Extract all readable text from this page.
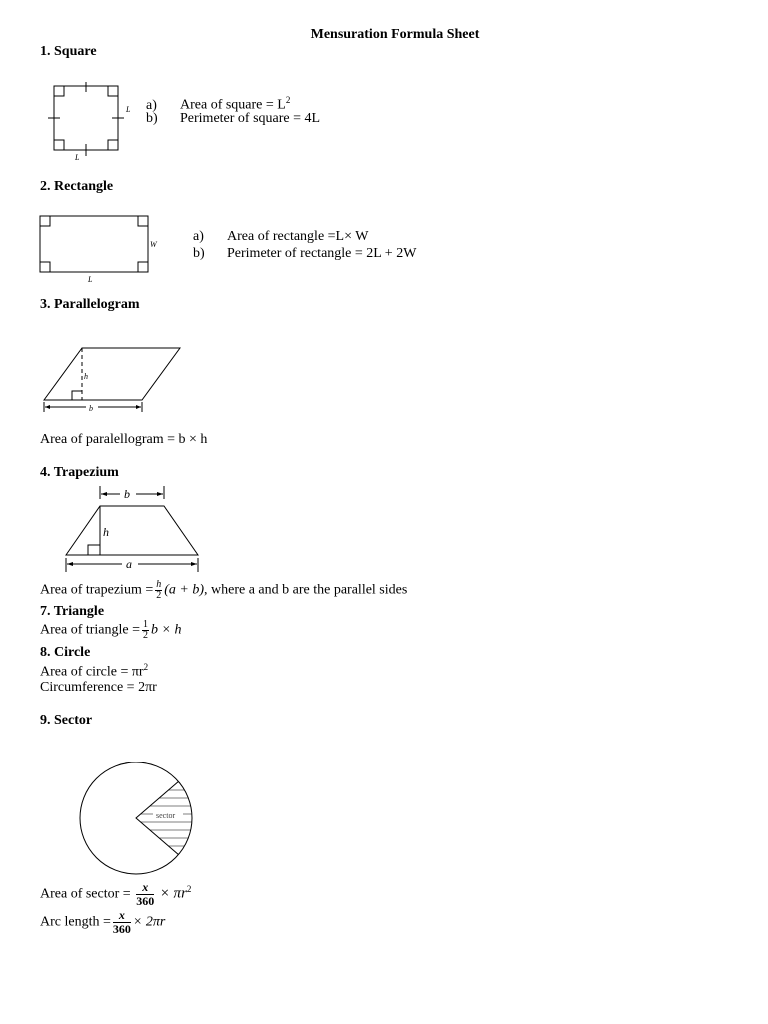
Mensuration Formula Sheet
1. Square
L
L
a) Area of square = $L^2$
b) Perimeter of square = 4L
2. Rectangle
W
L
a) Area of rectangle =L× W
b) Perimeter of rectangle = 2L + 2W
3. Parallelogram
h
b
Area of paralellogram = b × h
4. Trapezium
b
h
a
Area of trapezium = $\frac{h}{2} (a + b)$, where a and b are the parallel sides
7. Triangle
Area of triangle = $\frac{1}{2}$ b × h
8. Circle
Area of circle = $\pi r^2$
Circumference = 2πr
9. Sector
sector
Area of sector = $\frac{x}{360} \times \pi r^2$
Arc length = $\frac{x}{360} \times 2\pi r$
